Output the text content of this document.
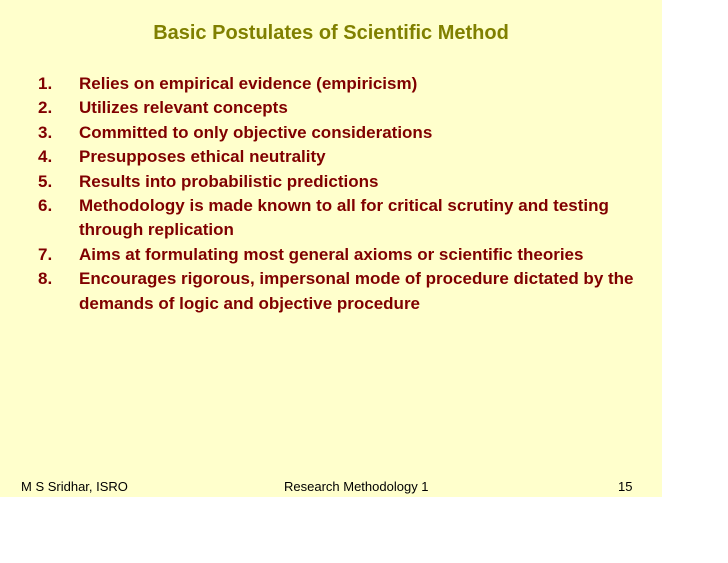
Basic Postulates of Scientific Method
1.	Relies on empirical evidence (empiricism)
2.	Utilizes relevant concepts
3.	Committed to only objective considerations
4.	Presupposes ethical neutrality
5.	Results into probabilistic predictions
6.	Methodology is made known to all for critical scrutiny and testing through replication
7.	Aims at formulating most general axioms or scientific theories
8.	Encourages rigorous, impersonal mode of procedure dictated by the demands of logic and objective procedure
M S Sridhar, ISRO	Research Methodology 1	15
